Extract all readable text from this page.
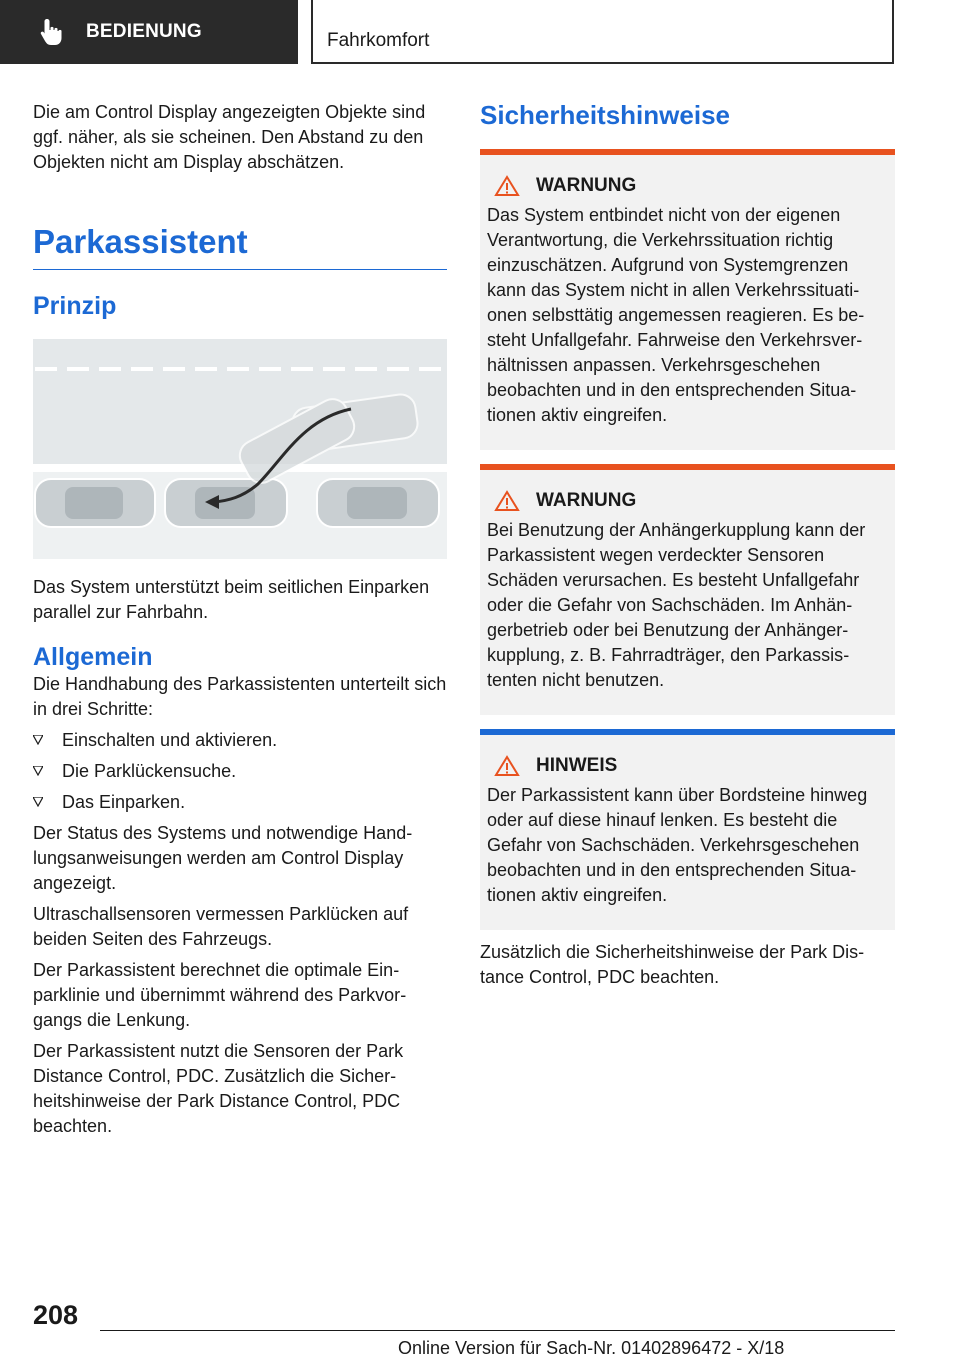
BEDIENUNG	Fahrkomfort

Die am Control Display angezeigten Objekte sind ggf. näher, als sie scheinen. Den Abstand zu den Objekten nicht am Display abschätzen.

Parkassistent
Prinzip

Das System unterstützt beim seitlichen Einparken parallel zur Fahrbahn.

Allgemein

Die Handhabung des Parkassistenten unterteilt sich in drei Schritte:

Einschalten und aktivieren.
Die Parklückensuche.
Das Einparken.

Der Status des Systems und notwendige Handlungsanweisungen werden am Control Display angezeigt.

Ultraschallsensoren vermessen Parklücken auf beiden Seiten des Fahrzeugs.

Der Parkassistent berechnet die optimale Einparklinie und übernimmt während des Parkvorgangs die Lenkung.

Der Parkassistent nutzt die Sensoren der Park Distance Control, PDC. Zusätzlich die Sicherheitshinweise der Park Distance Control, PDC beachten.

Sicherheitshinweise
WARNUNG

Das System entbindet nicht von der eigenen Verantwortung, die Verkehrssituation richtig einzuschätzen. Aufgrund von Systemgrenzen kann das System nicht in allen Verkehrssituationen selbsttätig angemessen reagieren. Es besteht Unfallgefahr. Fahrweise den Verkehrsverhältnissen anpassen. Verkehrsgeschehen beobachten und in den entsprechenden Situationen aktiv eingreifen.

WARNUNG

Bei Benutzung der Anhängerkupplung kann der Parkassistent wegen verdeckter Sensoren Schäden verursachen. Es besteht Unfallgefahr oder die Gefahr von Sachschäden. Im Anhängerbetrieb oder bei Benutzung der Anhängerkupplung, z. B. Fahrradträger, den Parkassistenten nicht benutzen.

HINWEIS

Der Parkassistent kann über Bordsteine hinweg oder auf diese hinauf lenken. Es besteht die Gefahr von Sachschäden. Verkehrsgeschehen beobachten und in den entsprechenden Situationen aktiv eingreifen.

Zusätzlich die Sicherheitshinweise der Park Distance Control, PDC beachten.

208
Online Version für Sach-Nr. 01402896472 - X/18
